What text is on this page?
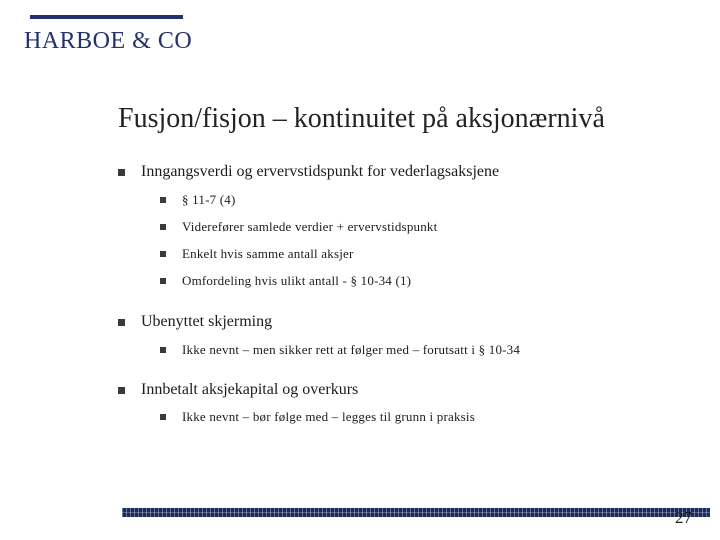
HARBOE & CO
Fusjon/fisjon – kontinuitet på aksjonærnivå
Inngangsverdi og ervervstidspunkt for vederlagsaksjene
§ 11-7 (4)
Viderefører samlede verdier + ervervstidspunkt
Enkelt hvis samme antall aksjer
Omfordeling hvis ulikt antall - § 10-34 (1)
Ubenyttet skjerming
Ikke nevnt – men sikker rett at følger med – forutsatt i § 10-34
Innbetalt aksjekapital og overkurs
Ikke nevnt – bør følge med – legges til grunn i praksis
27
